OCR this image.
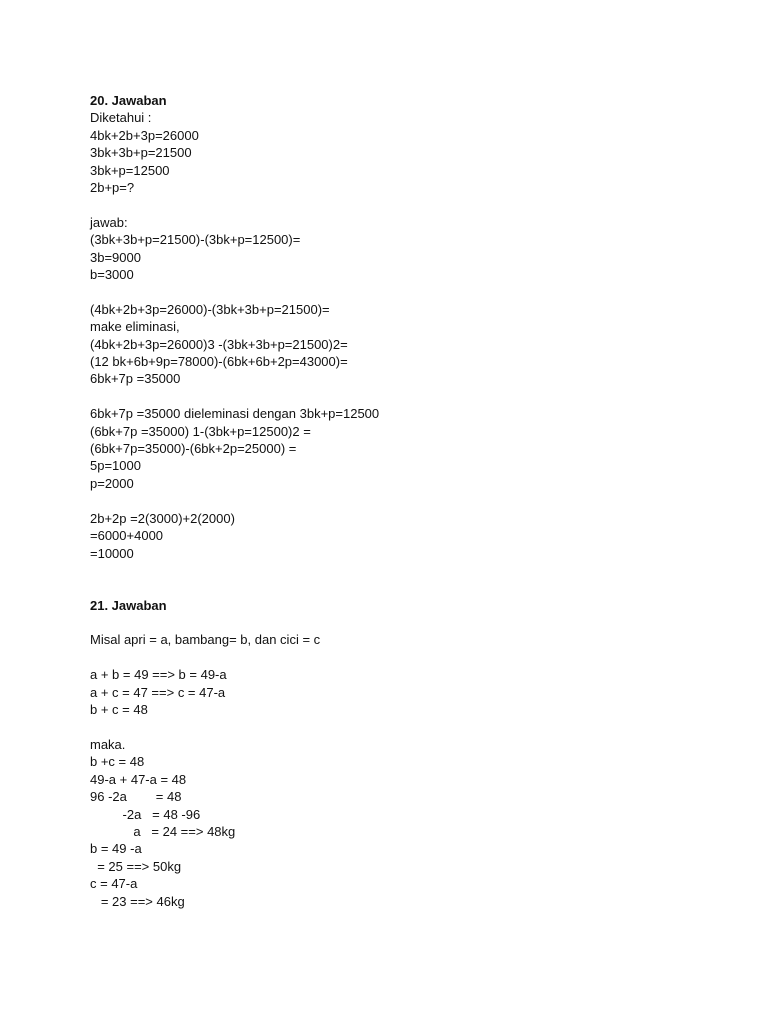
20. Jawaban
Diketahui :
4bk+2b+3p=26000
3bk+3b+p=21500
3bk+p=12500
2b+p=?
jawab:
(3bk+3b+p=21500)-(3bk+p=12500)=
3b=9000
b=3000
(4bk+2b+3p=26000)-(3bk+3b+p=21500)=
make eliminasi,
(4bk+2b+3p=26000)3 -(3bk+3b+p=21500)2=
(12 bk+6b+9p=78000)-(6bk+6b+2p=43000)=
6bk+7p =35000
6bk+7p =35000 dieleminasi dengan 3bk+p=12500
(6bk+7p =35000) 1-(3bk+p=12500)2 =
(6bk+7p=35000)-(6bk+2p=25000) =
5p=1000
p=2000
2b+2p =2(3000)+2(2000)
=6000+4000
=10000
21. Jawaban
Misal apri = a, bambang= b, dan cici = c
a + b = 49 ==> b = 49-a
a + c = 47 ==> c = 47-a
b + c = 48
maka.
b +c = 48
49-a + 47-a = 48
96 -2a        = 48
-2a   = 48 -96
a   = 24 ==> 48kg
b = 49 -a
= 25 ==> 50kg
c = 47-a
= 23 ==> 46kg
